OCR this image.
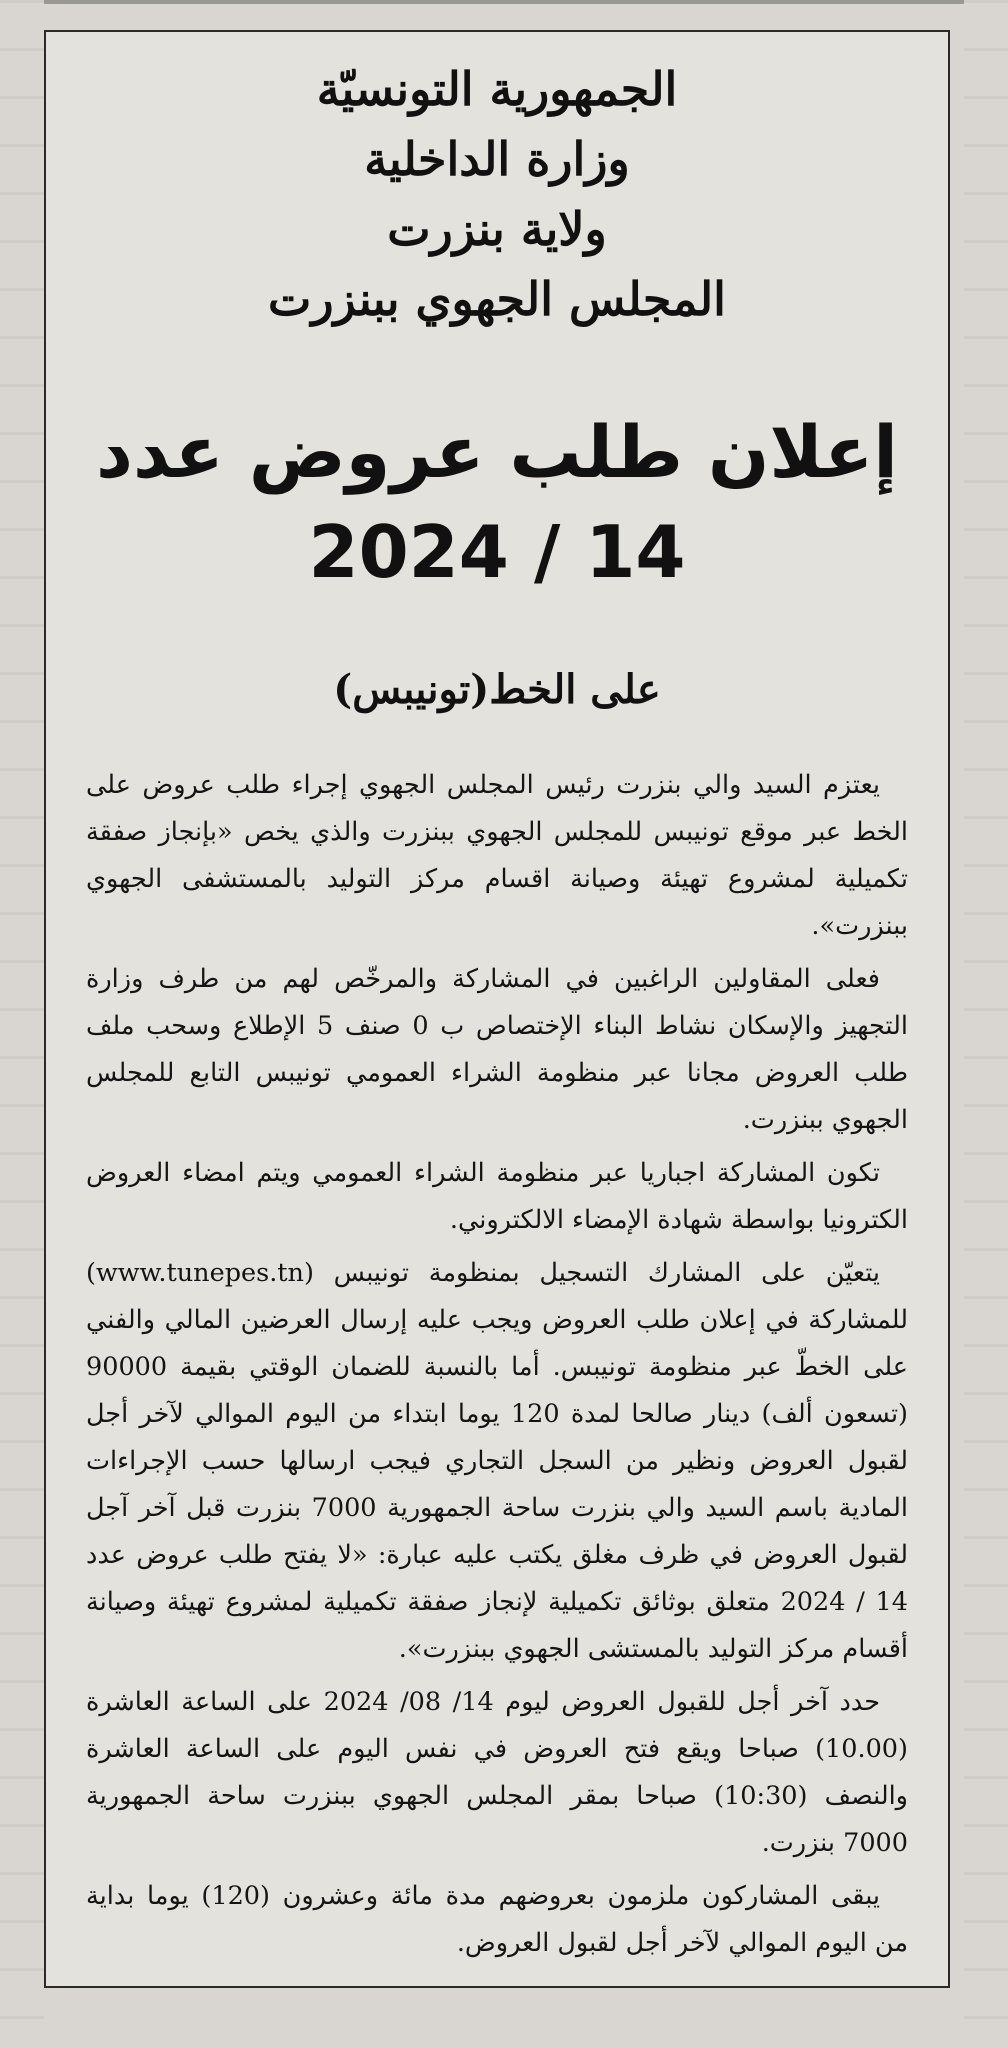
الجمهورية التونسيّة
وزارة الداخلية
ولاية بنزرت
المجلس الجهوي ببنزرت
إعلان طلب عروض عدد 14 / 2024
على الخط(تونيبس)

يعتزم السيد والي بنزرت رئيس المجلس الجهوي إجراء طلب عروض على الخط عبر موقع تونيبس للمجلس الجهوي ببنزرت والذي يخص «بإنجاز صفقة تكميلية لمشروع تهيئة وصيانة اقسام مركز التوليد بالمستشفى الجهوي ببنزرت».

فعلى المقاولين الراغبين في المشاركة والمرخّص لهم من طرف وزارة التجهيز والإسكان نشاط البناء الإختصاص ب 0 صنف 5 الإطلاع وسحب ملف طلب العروض مجانا عبر منظومة الشراء العمومي تونيبس التابع للمجلس الجهوي ببنزرت.

تكون المشاركة اجباريا عبر منظومة الشراء العمومي ويتم امضاء العروض الكترونيا بواسطة شهادة الإمضاء الالكتروني.

يتعيّن على المشارك التسجيل بمنظومة تونيبس (www.tunepes.tn) للمشاركة في إعلان طلب العروض ويجب عليه إرسال العرضين المالي والفني على الخطّ عبر منظومة تونيبس. أما بالنسبة للضمان الوقتي بقيمة 90000 (تسعون ألف) دينار صالحا لمدة 120 يوما ابتداء من اليوم الموالي لآخر أجل لقبول العروض ونظير من السجل التجاري فيجب ارسالها حسب الإجراءات المادية باسم السيد والي بنزرت ساحة الجمهورية 7000 بنزرت قبل آخر آجل لقبول العروض في ظرف مغلق يكتب عليه عبارة: «لا يفتح طلب عروض عدد 14 / 2024 متعلق بوثائق تكميلية لإنجاز صفقة تكميلية لمشروع تهيئة وصيانة أقسام مركز التوليد بالمستشى الجهوي ببنزرت».

حدد آخر أجل للقبول العروض ليوم 14/ 08/ 2024 على الساعة العاشرة (10.00) صباحا ويقع فتح العروض في نفس اليوم على الساعة العاشرة والنصف (10:30) صباحا بمقر المجلس الجهوي ببنزرت ساحة الجمهورية 7000 بنزرت.

يبقى المشاركون ملزمون بعروضهم مدة مائة وعشرون (120) يوما بداية من اليوم الموالي لآخر أجل لقبول العروض.
